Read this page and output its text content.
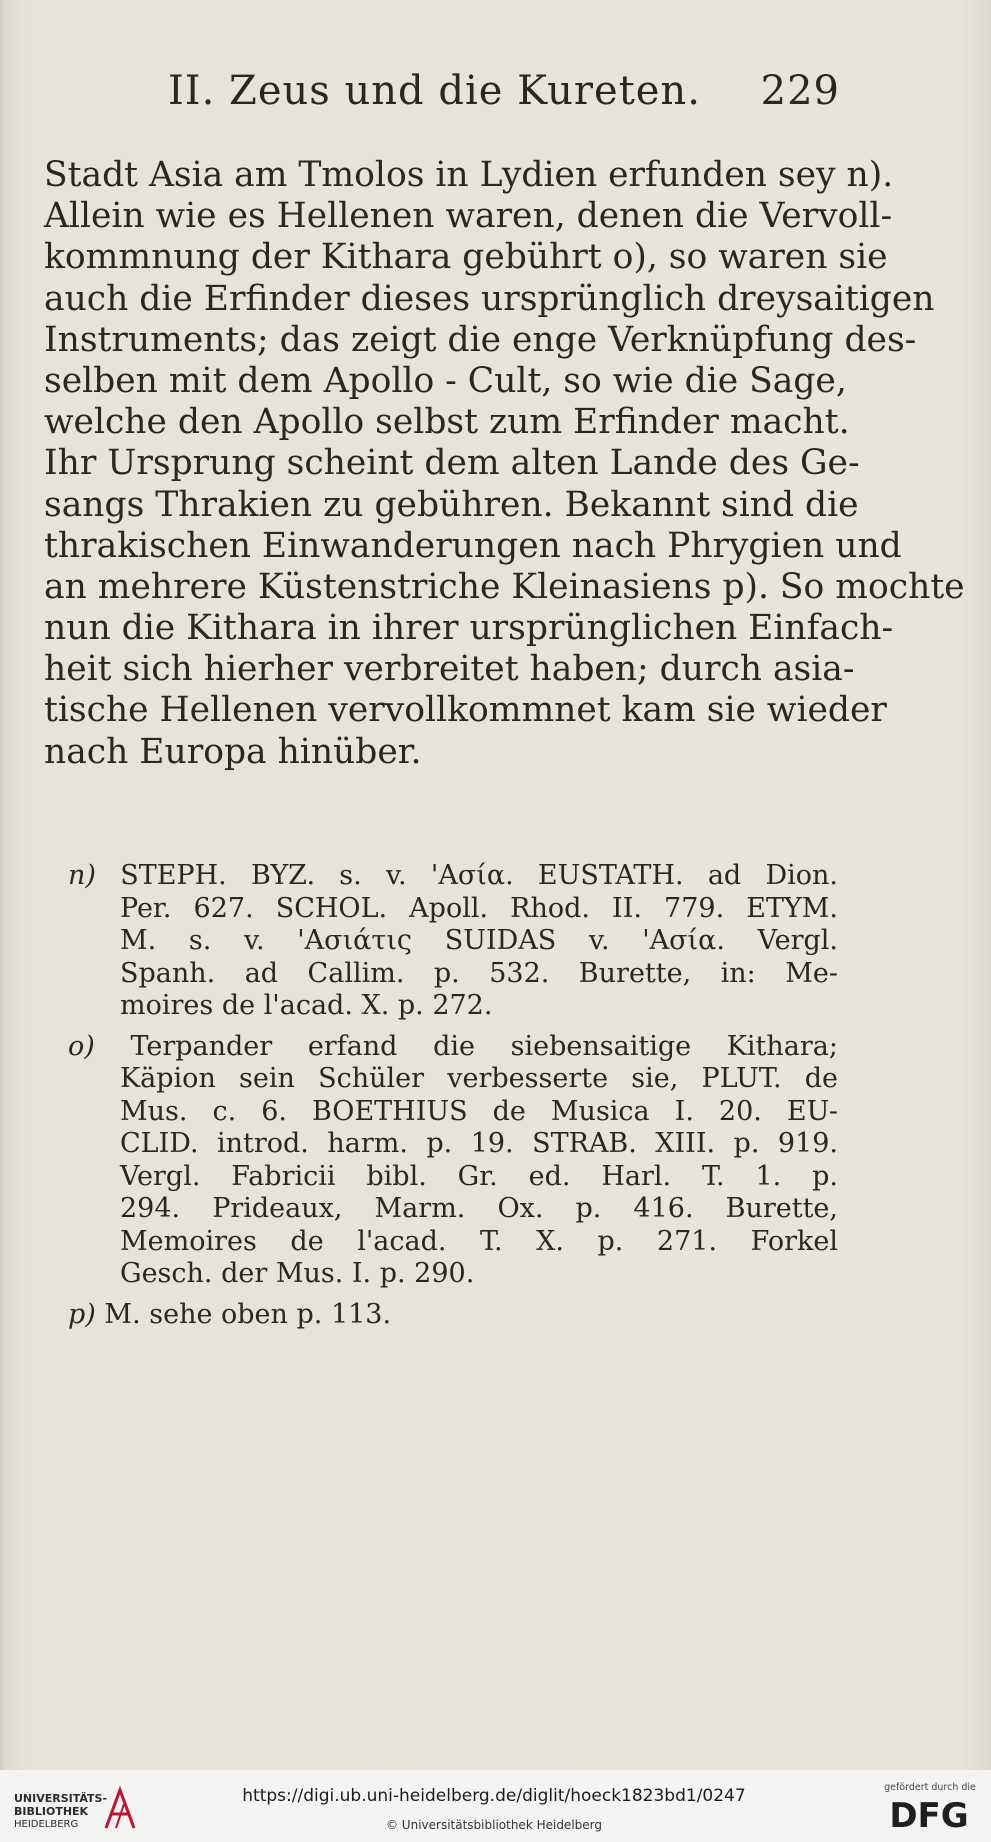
II. Zeus und die Kureten. 229
Stadt Asia am Tmolos in Lydien erfunden sey n).
Allein wie es Hellenen waren, denen die Vervoll-
kommnung der Kithara gebührt o), so waren sie
auch die Erfinder dieses ursprünglich dreysaitigen
Instruments; das zeigt die enge Verknüpfung des-
selben mit dem Apollo - Cult, so wie die Sage,
welche den Apollo selbst zum Erfinder macht.
Ihr Ursprung scheint dem alten Lande des Ge-
sangs Thrakien zu gebühren. Bekannt sind die
thrakischen Einwanderungen nach Phrygien und
an mehrere Küstenstriche Kleinasiens p). So mochte
nun die Kithara in ihrer ursprünglichen Einfach-
heit sich hierher verbreitet haben; durch asia-
tische Hellenen vervollkommnet kam sie wieder
nach Europa hinüber.
n) STEPH. BYZ. s. v. 'Ασία. EUSTATH. ad Dion.
Per. 627. SCHOL. Apoll. Rhod. II. 779. ETYM.
M. s. v. 'Ασιάτις SUIDAS v. 'Ασία. Vergl.
Spanh. ad Callim. p. 532. Burette, in: Me-
moires de l'acad. X. p. 272.
o) Terpander erfand die siebensaitige Kithara;
Käpion sein Schüler verbesserte sie, PLUT. de
Mus. c. 6. BOETHIUS de Musica I. 20. EU-
CLID. introd. harm. p. 19. STRAB. XIII. p. 919.
Vergl. Fabricii bibl. Gr. ed. Harl. T. 1. p.
294. Prideaux, Marm. Ox. p. 416. Burette,
Memoires de l'acad. T. X. p. 271. Forkel
Gesch. der Mus. I. p. 290.
p) M. sehe oben p. 113.
UNIVERSITÄTS-
BIBLIOTHEK
HEIDELBERG
https://digi.ub.uni-heidelberg.de/diglit/hoeck1823bd1/0247
© Universitätsbibliothek Heidelberg
gefördert durch die
DFG
